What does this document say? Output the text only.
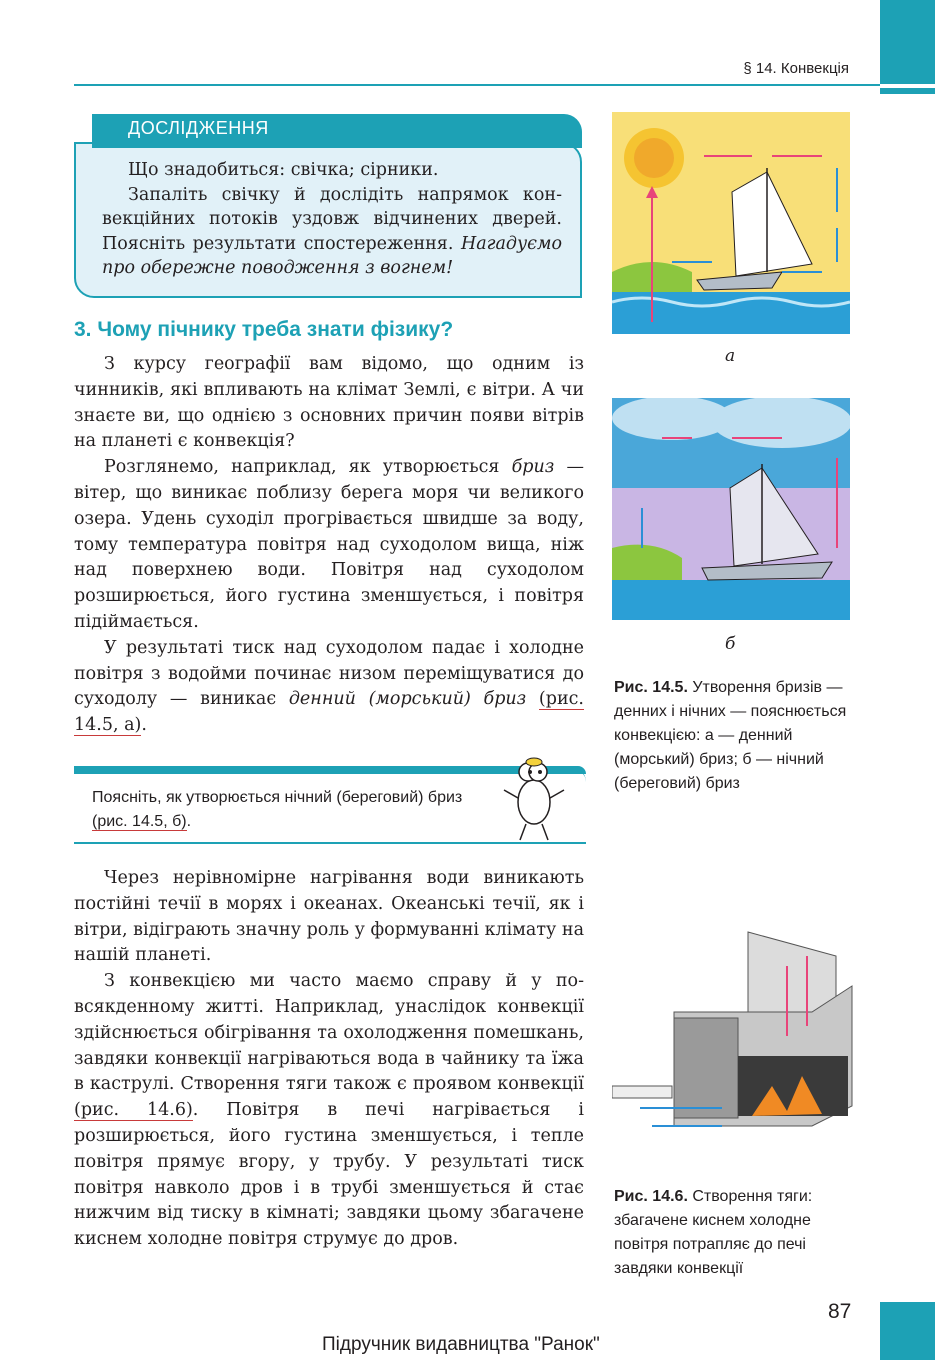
§ 14. Конвекція
ДОСЛІДЖЕННЯ

Що знадобиться: свічка; сірники.

Запаліть свічку й дослідіть напрямок конвекційних потоків уздовж відчинених дверей. Поясніть результати спостереження. Нагадуємо про обережне поводження з вогнем!

3. Чому пічнику треба знати фізику?

З курсу географії вам відомо, що одним із чинників, які впливають на клімат Землі, є вітри. А чи знаєте ви, що однією з основних причин появи вітрів на планеті є конвекція?

Розглянемо, наприклад, як утворюється бриз — вітер, що виникає поблизу берега моря чи великого озера. Удень суходіл прогрівається швидше за воду, тому температура повітря над суходолом вища, ніж над поверхнею води. Повітря над суходолом розширюється, його густина зменшується, і повітря підіймається.

У результаті тиск над суходолом падає і холодне повітря з водойми починає низом переміщуватися до суходолу — виникає денний (морський) бриз (рис. 14.5, а).

Поясніть, як утворюється нічний (береговий) бриз (рис. 14.5, б).

Через нерівномірне нагрівання води виникають постійні течії в морях і океанах. Океанські течії, як і вітри, відіграють значну роль у формуванні клімату на нашій планеті.

З конвекцією ми часто маємо справу й у повсякденному житті. Наприклад, унаслідок конвекції здійснюється обігрівання та охолодження помешкань, завдяки конвекції нагріваються вода в чайнику та їжа в каструлі. Створення тяги також є проявом конвекції (рис. 14.6). Повітря в печі нагрівається і розширюється, його густина зменшується, і тепле повітря прямує вгору, у трубу. У результаті тиск повітря навколо дров і в трубі зменшується й стає нижчим від тиску в кімнаті; завдяки цьому збагачене киснем холодне повітря струмує до дров.

а
б
Рис. 14.5. Утворення бризів — денних і нічних — пояснюється конвекцією: а — денний (морський) бриз; б — нічний (береговий) бриз
Рис. 14.6. Створення тяги: збагачене киснем холодне повітря потрапляє до печі завдяки конвекції
87
Підручник видавництва "Ранок"
